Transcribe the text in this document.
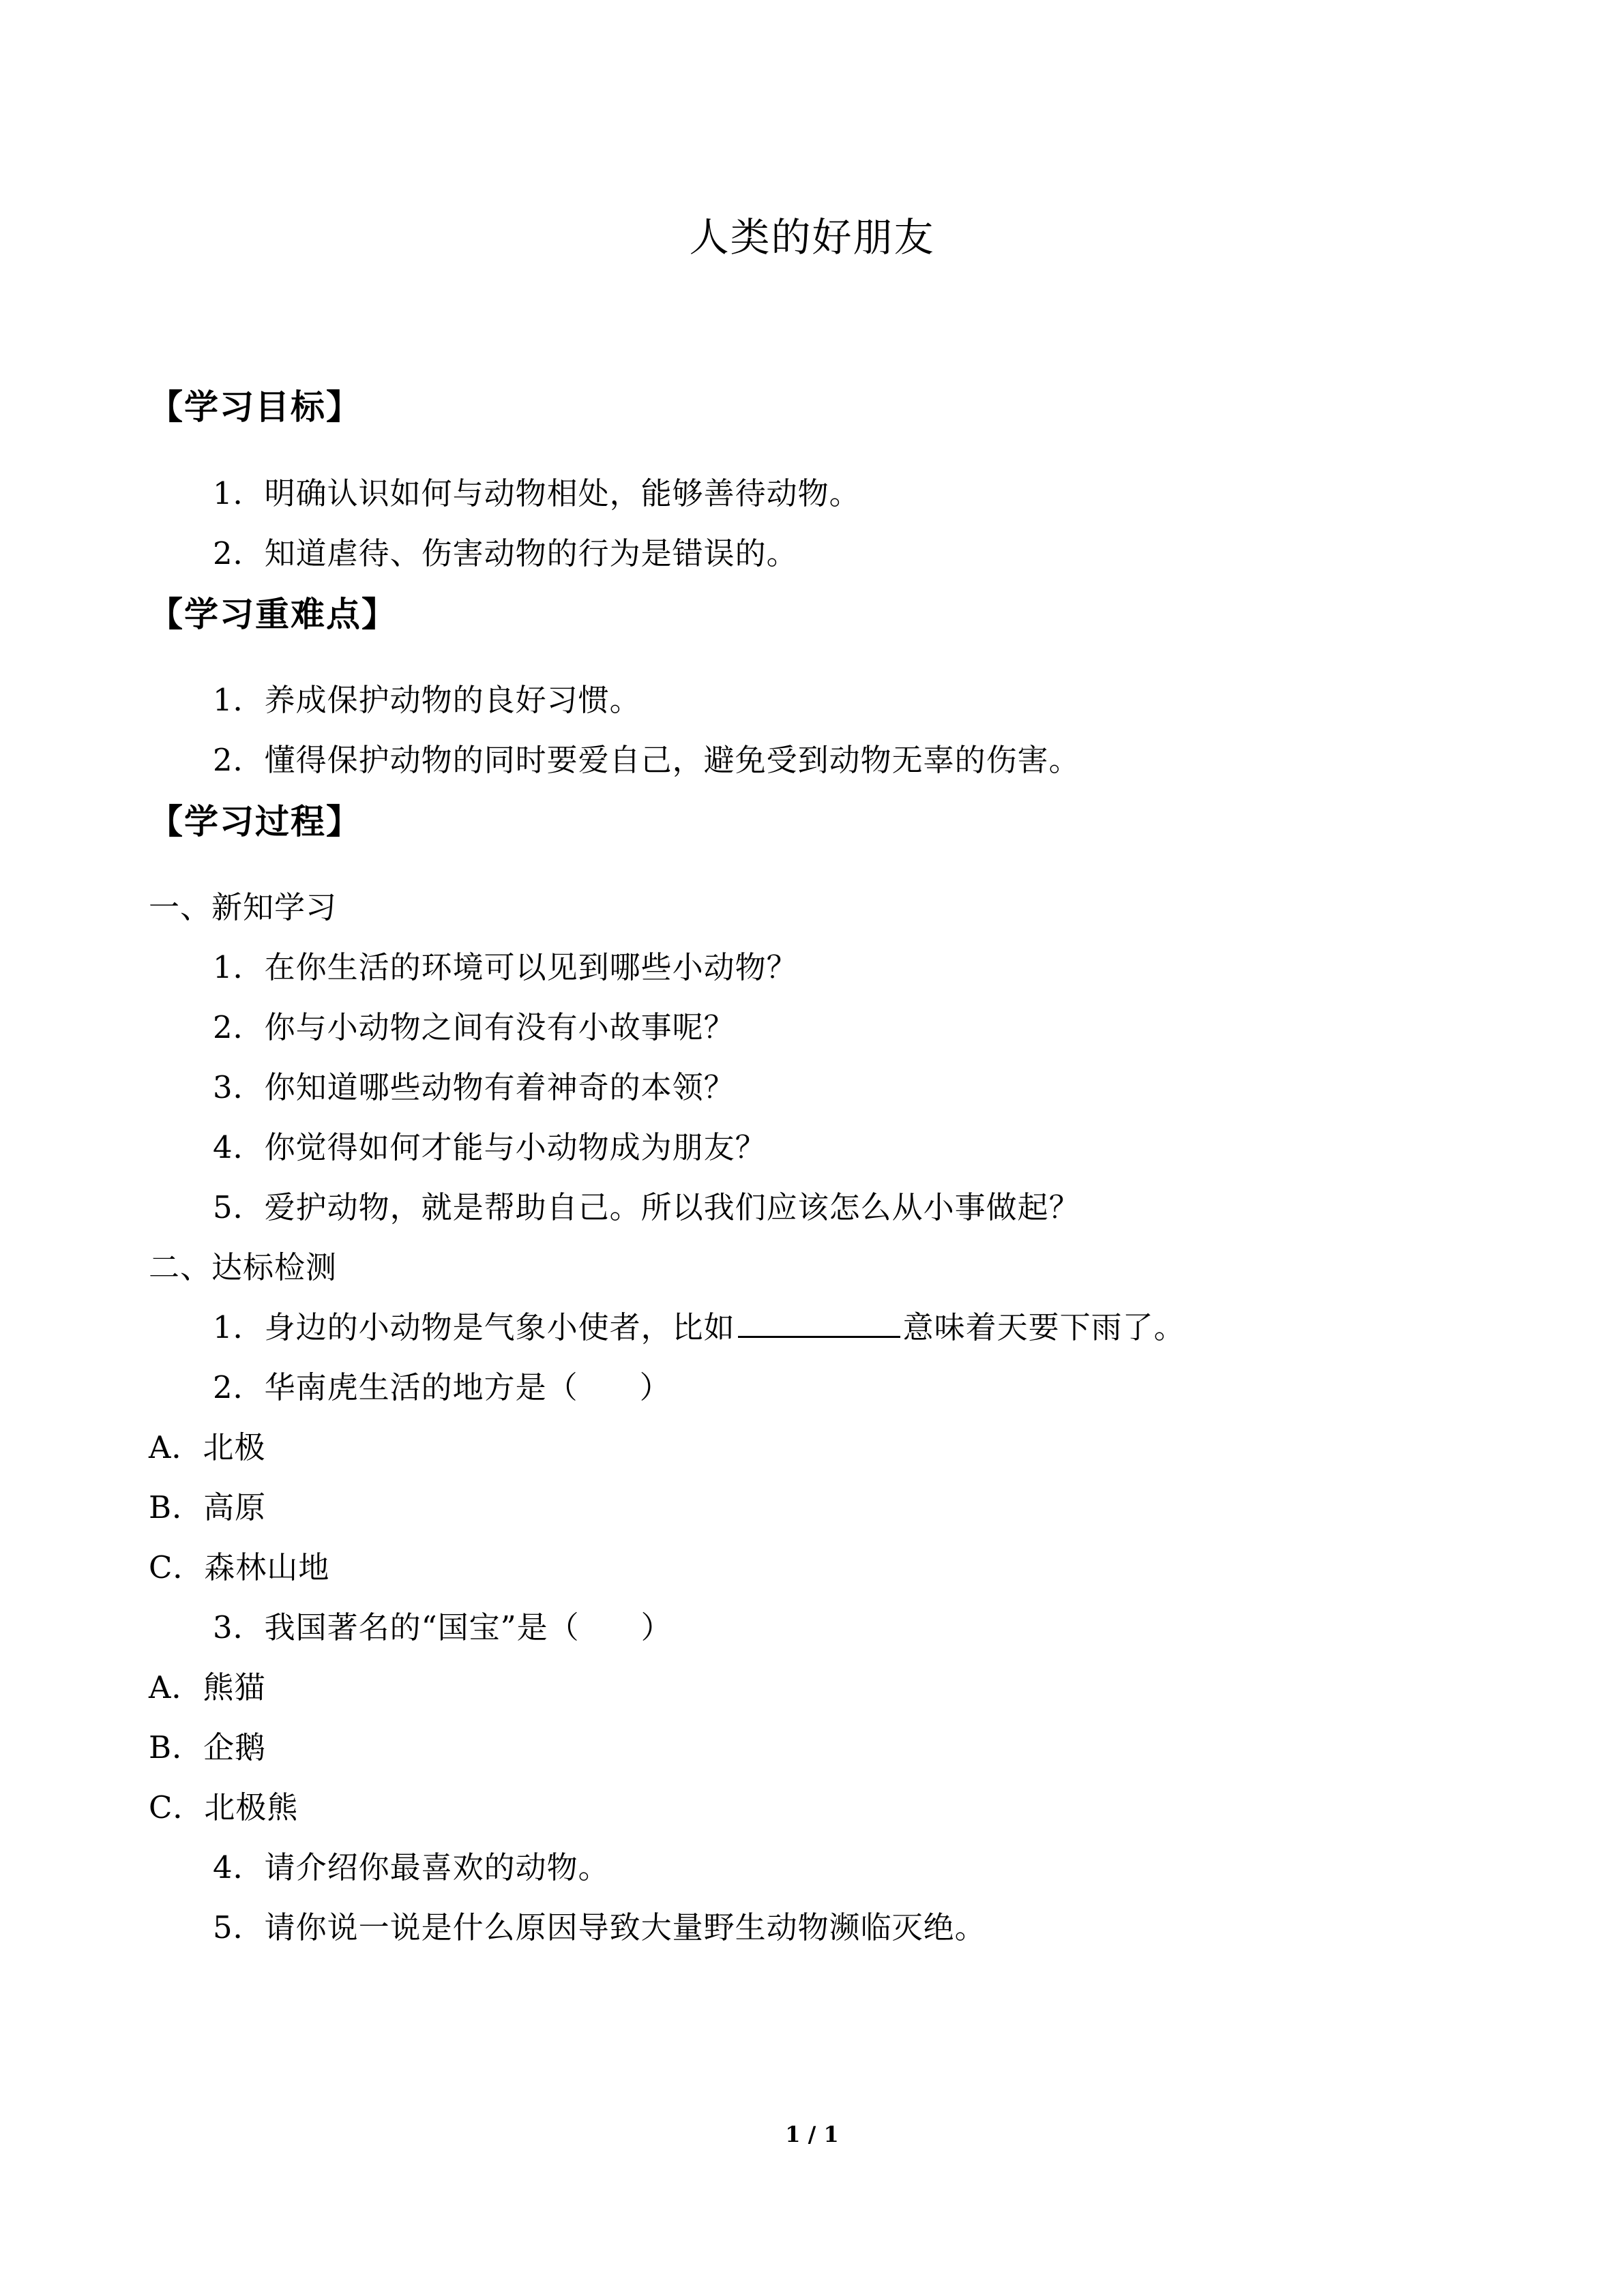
人类的好朋友
【学习目标】
1．明确认识如何与动物相处，能够善待动物。
2．知道虐待、伤害动物的行为是错误的。
【学习重难点】
1．养成保护动物的良好习惯。
2．懂得保护动物的同时要爱自己，避免受到动物无辜的伤害。
【学习过程】
一、新知学习
1．在你生活的环境可以见到哪些小动物？
2．你与小动物之间有没有小故事呢？
3．你知道哪些动物有着神奇的本领？
4．你觉得如何才能与小动物成为朋友？
5．爱护动物，就是帮助自己。所以我们应该怎么从小事做起？
二、达标检测
1．身边的小动物是气象小使者，比如	意味着天要下雨了。
2．华南虎生活的地方是（ ）
A．北极
B．高原
C．森林山地
3．我国著名的“国宝”是（ ）
A．熊猫
B．企鹅
C．北极熊
4．请介绍你最喜欢的动物。
5．请你说一说是什么原因导致大量野生动物濒临灭绝。
1 / 1
